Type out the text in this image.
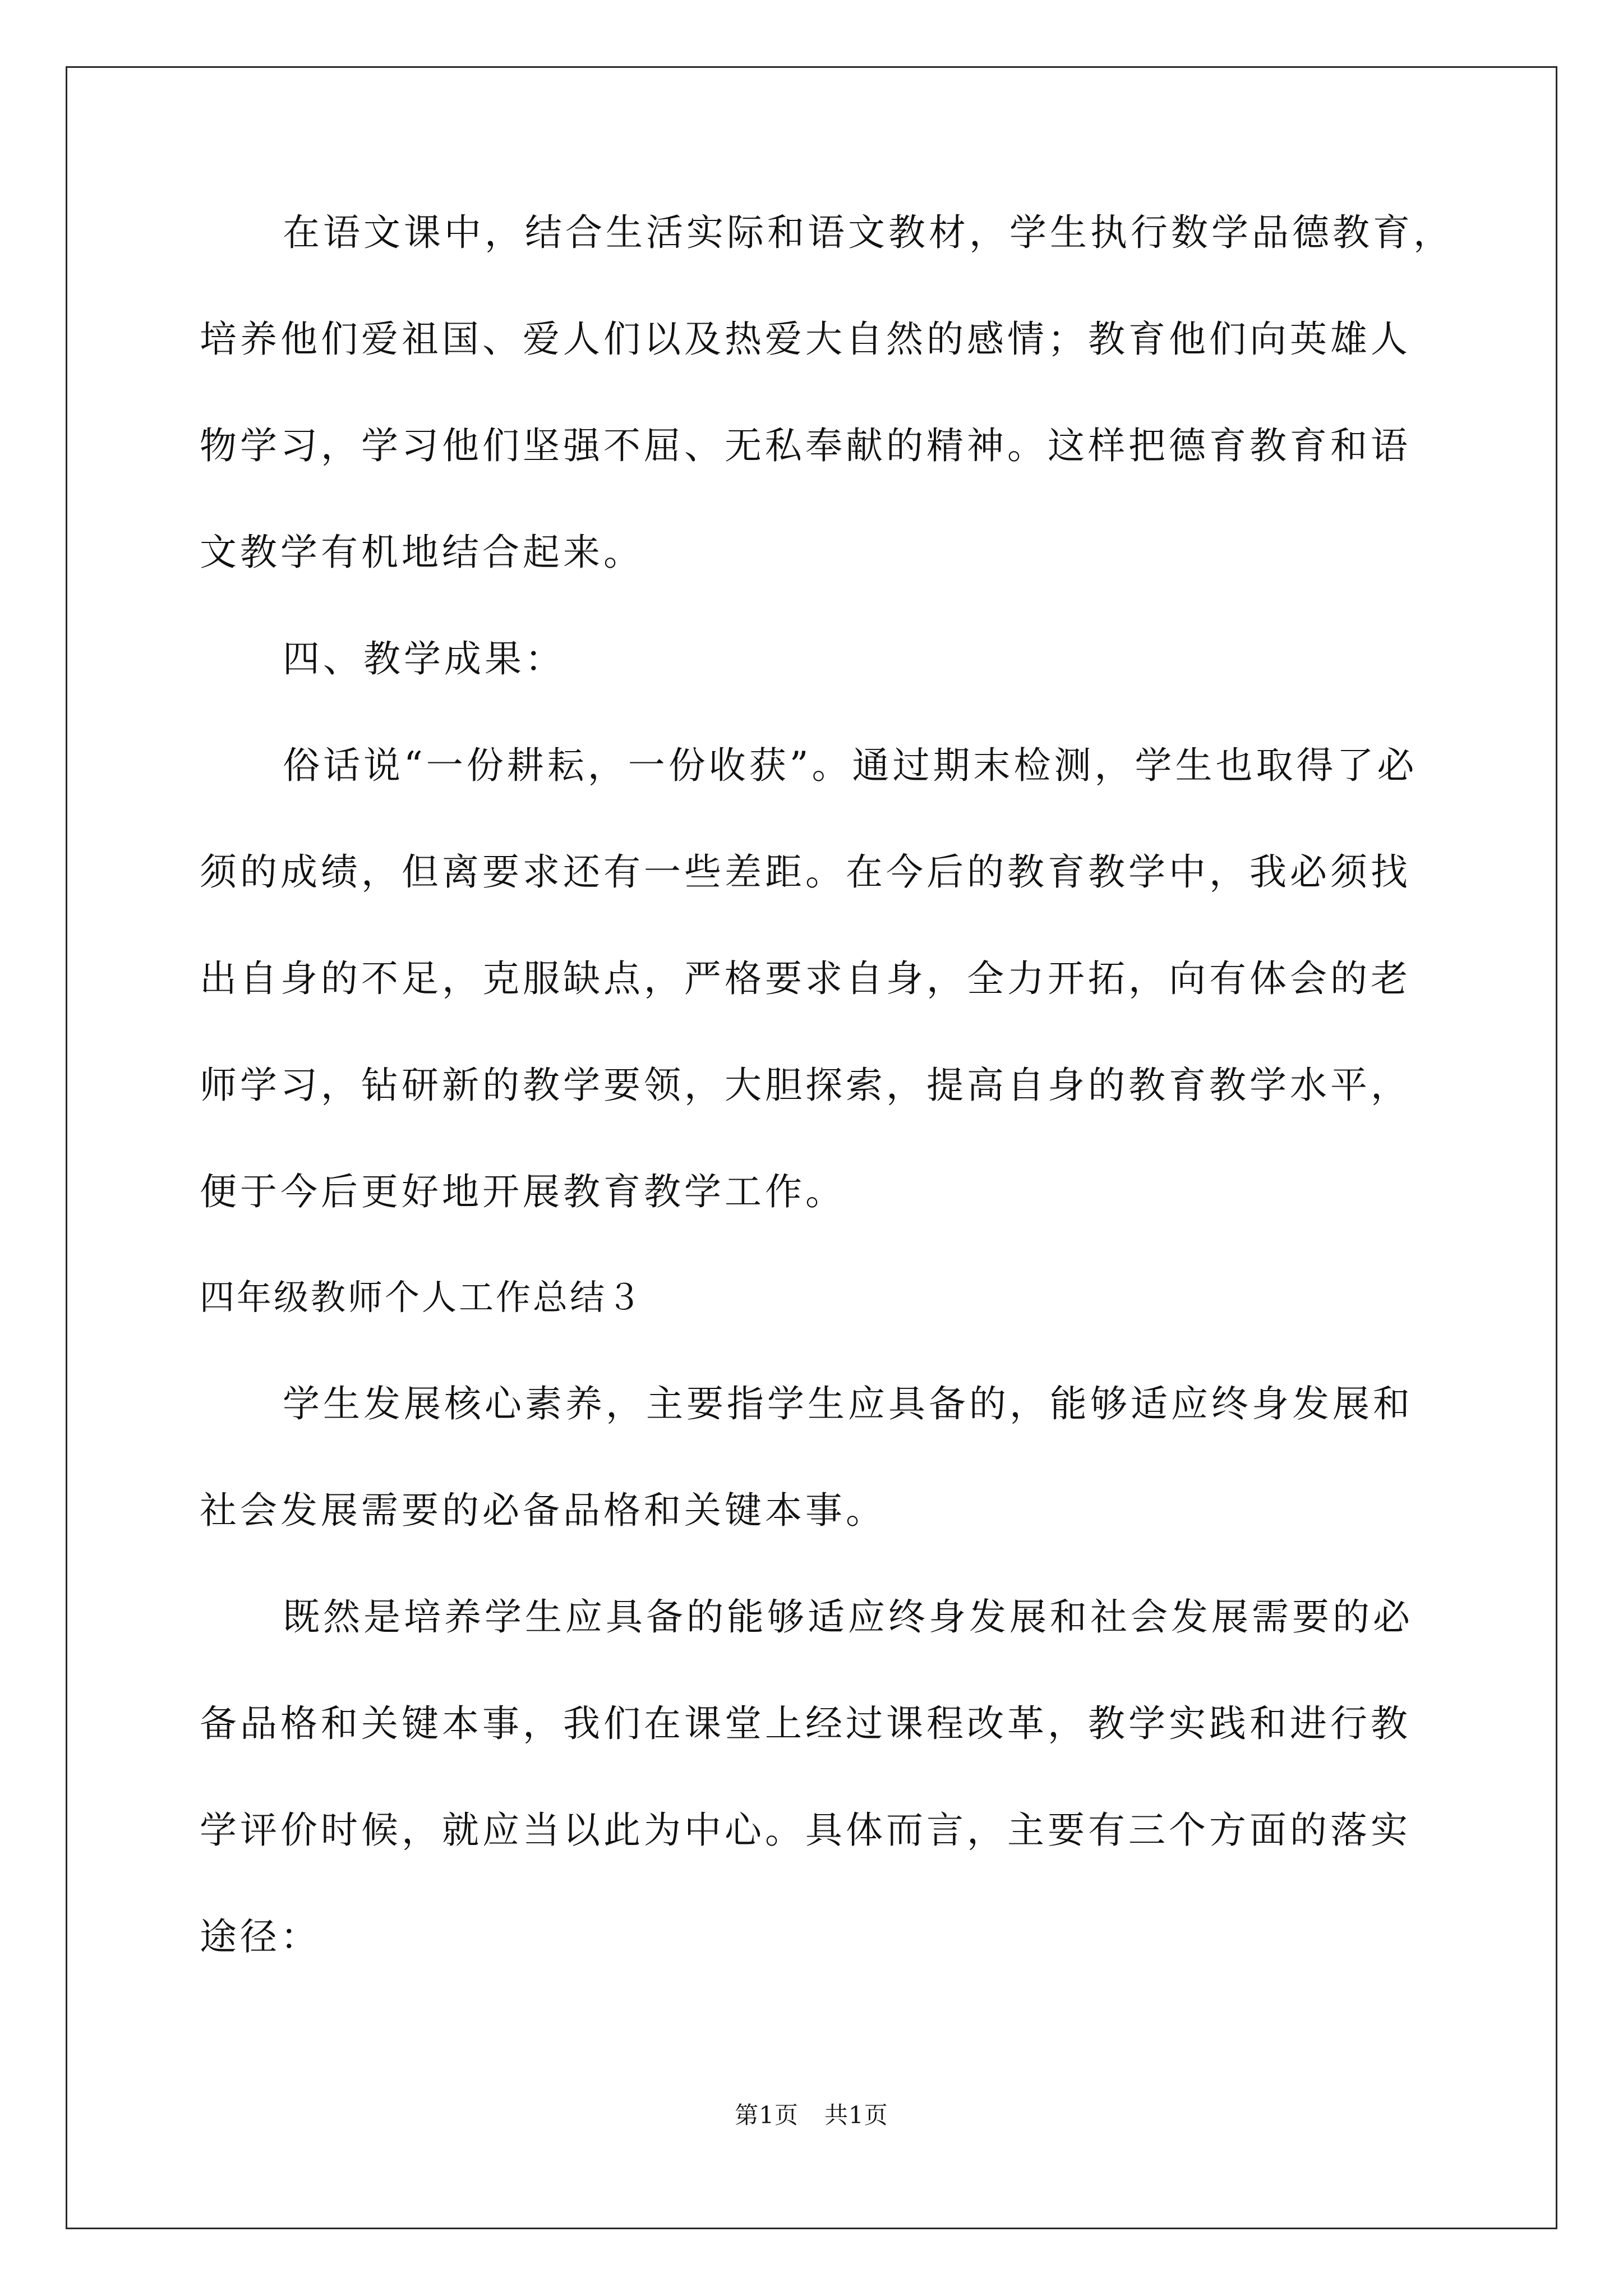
在语文课中，结合生活实际和语文教材，学生执行数学品德教育，
培养他们爱祖国、爱人们以及热爱大自然的感情；教育他们向英雄人
物学习，学习他们坚强不屈、无私奉献的精神。这样把德育教育和语
文教学有机地结合起来。
四、教学成果：
俗话说“一份耕耘，一份收获”。通过期末检测，学生也取得了必
须的成绩，但离要求还有一些差距。在今后的教育教学中，我必须找
出自身的不足，克服缺点，严格要求自身，全力开拓，向有体会的老
师学习，钻研新的教学要领，大胆探索，提高自身的教育教学水平，
便于今后更好地开展教育教学工作。
四年级教师个人工作总结３
学生发展核心素养，主要指学生应具备的，能够适应终身发展和
社会发展需要的必备品格和关键本事。
既然是培养学生应具备的能够适应终身发展和社会发展需要的必
备品格和关键本事，我们在课堂上经过课程改革，教学实践和进行教
学评价时候，就应当以此为中心。具体而言，主要有三个方面的落实
途径：
第1页 共1页
